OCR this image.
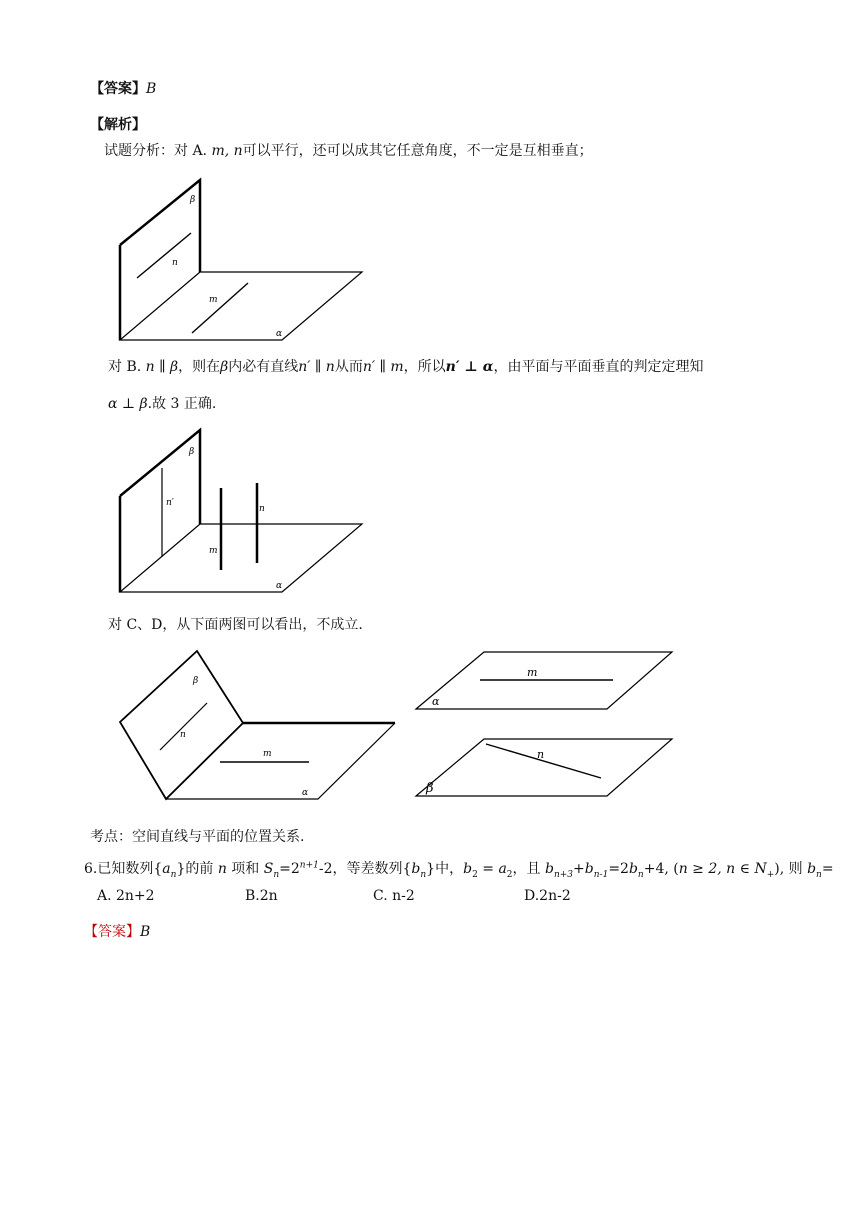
【答案】B
【解析】
试题分析：对 A. m, n可以平行，还可以成其它任意角度，不一定是互相垂直；
β
n
m
α
对 B. n ∥ β，则在β内必有直线n′ ∥ n从而n′ ∥ m，所以n′ ⊥ α，由平面与平面垂直的判定定理知
α ⊥ β.故 3 正确.
β
n′
n
m
α
对 C、D，从下面两图可以看出，不成立.
β
n
m
α
m
α
n
β
考点：空间直线与平面的位置关系.
6.已知数列$\{a_n\}$的前 n 项和 $S_n=2^{n+1}-2$，等差数列$\{b_n\}$中，$b_2 = a_2$，且 $b_{n+3}+b_{n-1}=2b_n+4$, (n ≥ 2, n ∈ $N_+$), 则 $b_n=$
A. 2n+2	B.2n	C. n-2	D.2n-2
【答案】B
